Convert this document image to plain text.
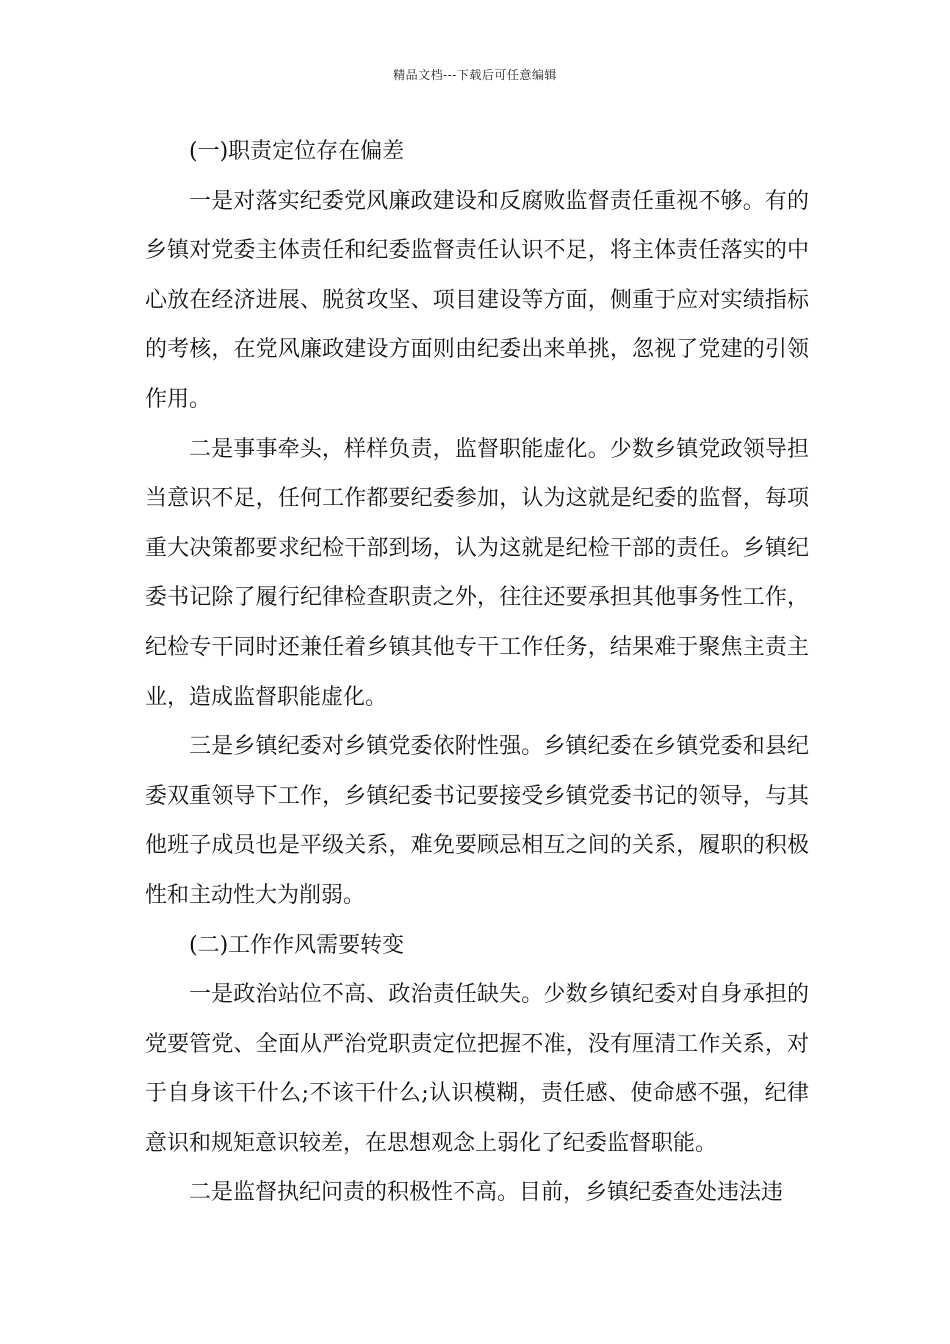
精品文档---下载后可任意编辑

(一)职责定位存在偏差

一是对落实纪委党风廉政建设和反腐败监督责任重视不够。有的乡镇对党委主体责任和纪委监督责任认识不足，将主体责任落实的中心放在经济进展、脱贫攻坚、项目建设等方面，侧重于应对实绩指标的考核，在党风廉政建设方面则由纪委出来单挑，忽视了党建的引领作用。

二是事事牵头，样样负责，监督职能虚化。少数乡镇党政领导担当意识不足，任何工作都要纪委参加，认为这就是纪委的监督，每项重大决策都要求纪检干部到场，认为这就是纪检干部的责任。乡镇纪委书记除了履行纪律检查职责之外，往往还要承担其他事务性工作，纪检专干同时还兼任着乡镇其他专干工作任务，结果难于聚焦主责主业，造成监督职能虚化。

三是乡镇纪委对乡镇党委依附性强。乡镇纪委在乡镇党委和县纪委双重领导下工作，乡镇纪委书记要接受乡镇党委书记的领导，与其他班子成员也是平级关系，难免要顾忌相互之间的关系，履职的积极性和主动性大为削弱。

(二)工作作风需要转变

一是政治站位不高、政治责任缺失。少数乡镇纪委对自身承担的党要管党、全面从严治党职责定位把握不准，没有厘清工作关系，对于自身该干什么;不该干什么;认识模糊，责任感、使命感不强，纪律意识和规矩意识较差，在思想观念上弱化了纪委监督职能。

二是监督执纪问责的积极性不高。目前，乡镇纪委查处违法违
